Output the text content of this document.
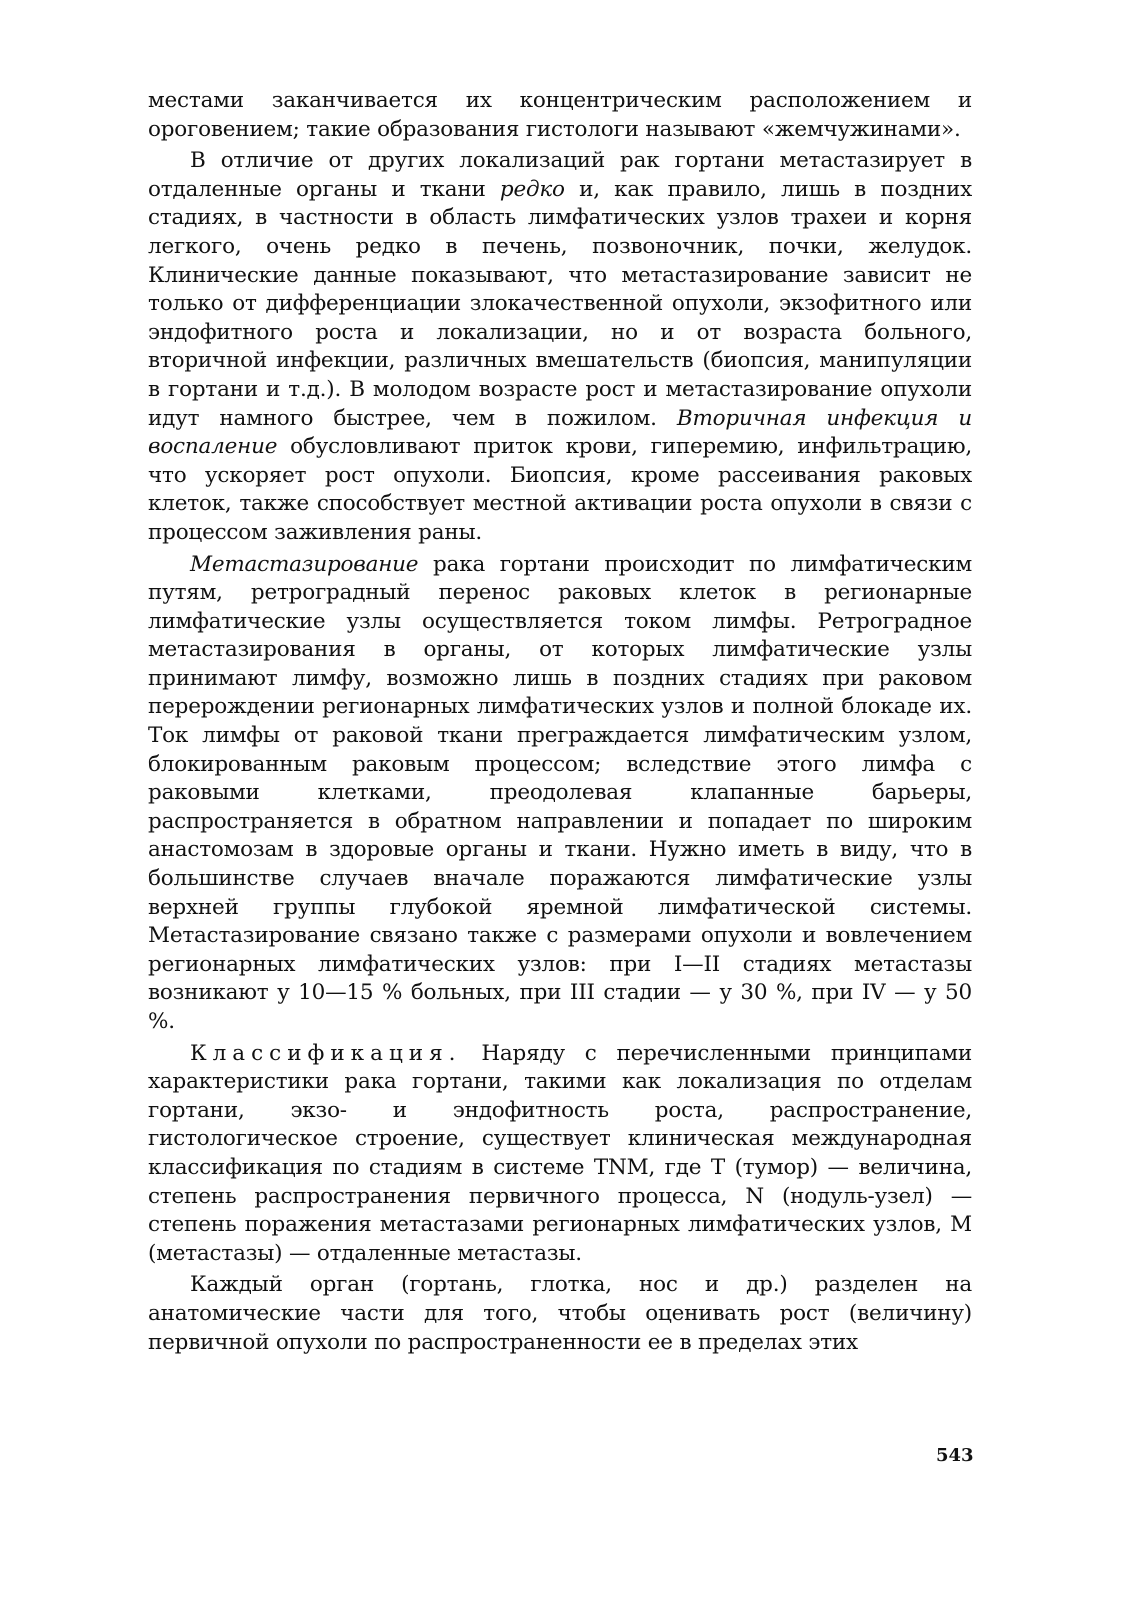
местами заканчивается их концентрическим расположением и ороговением; такие образования гистологи называют «жемчужинами».

В отличие от других локализаций рак гортани метастазирует в отдаленные органы и ткани редко и, как правило, лишь в поздних стадиях, в частности в область лимфатических узлов трахеи и корня легкого, очень редко в печень, позвоночник, почки, желудок. Клинические данные показывают, что метастазирование зависит не только от дифференциации злокачественной опухоли, экзофитного или эндофитного роста и локализации, но и от возраста больного, вторичной инфекции, различных вмешательств (биопсия, манипуляции в гортани и т.д.). В молодом возрасте рост и метастазирование опухоли идут намного быстрее, чем в пожилом. Вторичная инфекция и воспаление обусловливают приток крови, гиперемию, инфильтрацию, что ускоряет рост опухоли. Биопсия, кроме рассеивания раковых клеток, также способствует местной активации роста опухоли в связи с процессом заживления раны.

Метастазирование рака гортани происходит по лимфатическим путям, ретроградный перенос раковых клеток в регионарные лимфатические узлы осуществляется током лимфы. Ретроградное метастазирования в органы, от которых лимфатические узлы принимают лимфу, возможно лишь в поздних стадиях при раковом перерождении регионарных лимфатических узлов и полной блокаде их. Ток лимфы от раковой ткани преграждается лимфатическим узлом, блокированным раковым процессом; вследствие этого лимфа с раковыми клетками, преодолевая клапанные барьеры, распространяется в обратном направлении и попадает по широким анастомозам в здоровые органы и ткани. Нужно иметь в виду, что в большинстве случаев вначале поражаются лимфатические узлы верхней группы глубокой яремной лимфатической системы. Метастазирование связано также с размерами опухоли и вовлечением регионарных лимфатических узлов: при I—II стадиях метастазы возникают у 10—15 % больных, при III стадии — у 30 %, при IV — у 50 %.

Классификация. Наряду с перечисленными принципами характеристики рака гортани, такими как локализация по отделам гортани, экзо- и эндофитность роста, распространение, гистологическое строение, существует клиническая международная классификация по стадиям в системе TNM, где T (тумор) — величина, степень распространения первичного процесса, N (нодуль-узел) — степень поражения метастазами регионарных лимфатических узлов, M (метастазы) — отдаленные метастазы.

Каждый орган (гортань, глотка, нос и др.) разделен на анатомические части для того, чтобы оценивать рост (величину) первичной опухоли по распространенности ее в пределах этих

543
